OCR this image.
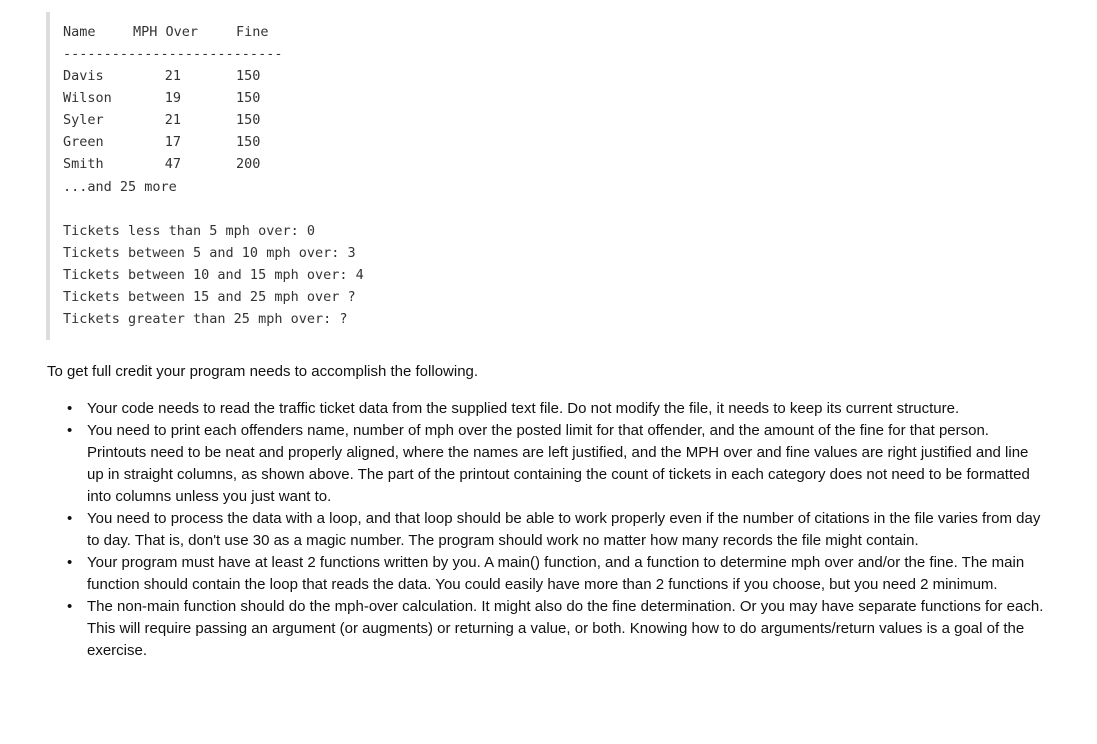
Name	MPH Over	Fine
---------------------------
Davis	21	150
Wilson	19	150
Syler	21	150
Green	17	150
Smith	47	200
...and 25 more
Tickets less than 5 mph over: 0
Tickets between 5 and 10 mph over: 3
Tickets between 10 and 15 mph over: 4
Tickets between 15 and 25 mph over ?
Tickets greater than 25 mph over: ?

To get full credit your program needs to accomplish the following.

• Your code needs to read the traffic ticket data from the supplied text file. Do not modify the file, it needs to keep its current structure.
• You need to print each offenders name, number of mph over the posted limit for that offender, and the amount of the fine for that person. Printouts need to be neat and properly aligned, where the names are left justified, and the MPH over and fine values are right justified and line up in straight columns, as shown above. The part of the printout containing the count of tickets in each category does not need to be formatted into columns unless you just want to.
• You need to process the data with a loop, and that loop should be able to work properly even if the number of citations in the file varies from day to day. That is, don't use 30 as a magic number. The program should work no matter how many records the file might contain.
• Your program must have at least 2 functions written by you. A main() function, and a function to determine mph over and/or the fine. The main function should contain the loop that reads the data. You could easily have more than 2 functions if you choose, but you need 2 minimum.
• The non-main function should do the mph-over calculation. It might also do the fine determination. Or you may have separate functions for each. This will require passing an argument (or augments) or returning a value, or both. Knowing how to do arguments/return values is a goal of the exercise.
